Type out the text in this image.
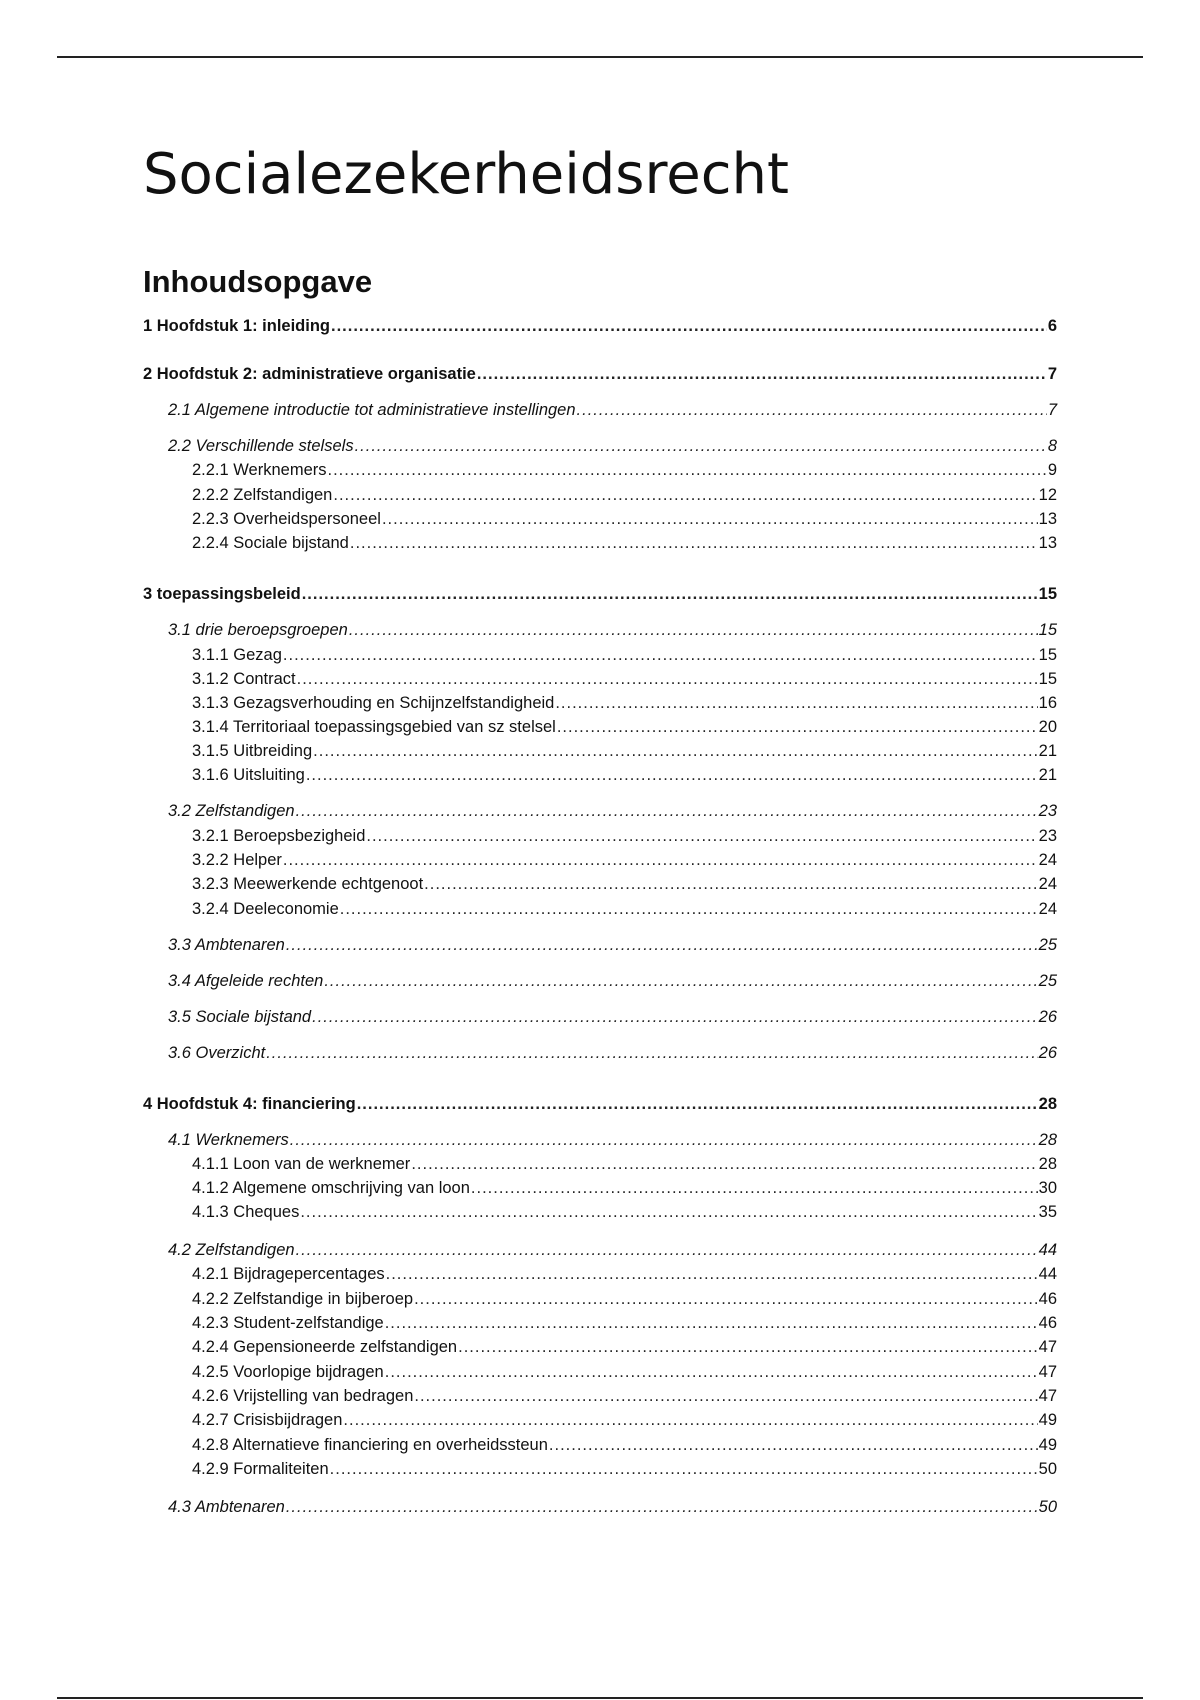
Socialezekerheidsrecht
Inhoudsopgave
1 Hoofdstuk 1: inleiding .....	6
2 Hoofdstuk 2: administratieve organisatie .....	7
2.1 Algemene introductie tot administratieve instellingen .....	7
2.2 Verschillende stelsels .....	8
2.2.1 Werknemers .....	9
2.2.2 Zelfstandigen .....	12
2.2.3 Overheidspersoneel .....	13
2.2.4 Sociale bijstand .....	13
3 toepassingsbeleid .....	15
3.1 drie beroepsgroepen .....	15
3.1.1 Gezag .....	15
3.1.2 Contract .....	15
3.1.3 Gezagsverhouding en Schijnzelfstandigheid .....	16
3.1.4 Territoriaal toepassingsgebied van sz stelsel .....	20
3.1.5 Uitbreiding .....	21
3.1.6 Uitsluiting .....	21
3.2 Zelfstandigen .....	23
3.2.1 Beroepsbezigheid .....	23
3.2.2 Helper .....	24
3.2.3 Meewerkende echtgenoot .....	24
3.2.4 Deeleconomie .....	24
3.3 Ambtenaren .....	25
3.4 Afgeleide rechten .....	25
3.5 Sociale bijstand .....	26
3.6 Overzicht .....	26
4 Hoofdstuk 4: financiering .....	28
4.1 Werknemers .....	28
4.1.1 Loon van de werknemer .....	28
4.1.2 Algemene omschrijving van loon .....	30
4.1.3 Cheques .....	35
4.2 Zelfstandigen .....	44
4.2.1 Bijdragepercentages .....	44
4.2.2 Zelfstandige in bijberoep .....	46
4.2.3 Student-zelfstandige .....	46
4.2.4 Gepensioneerde zelfstandigen .....	47
4.2.5 Voorlopige bijdragen .....	47
4.2.6 Vrijstelling van bedragen .....	47
4.2.7 Crisisbijdragen .....	49
4.2.8 Alternatieve financiering en overheidssteun .....	49
4.2.9 Formaliteiten .....	50
4.3 Ambtenaren .....	50
